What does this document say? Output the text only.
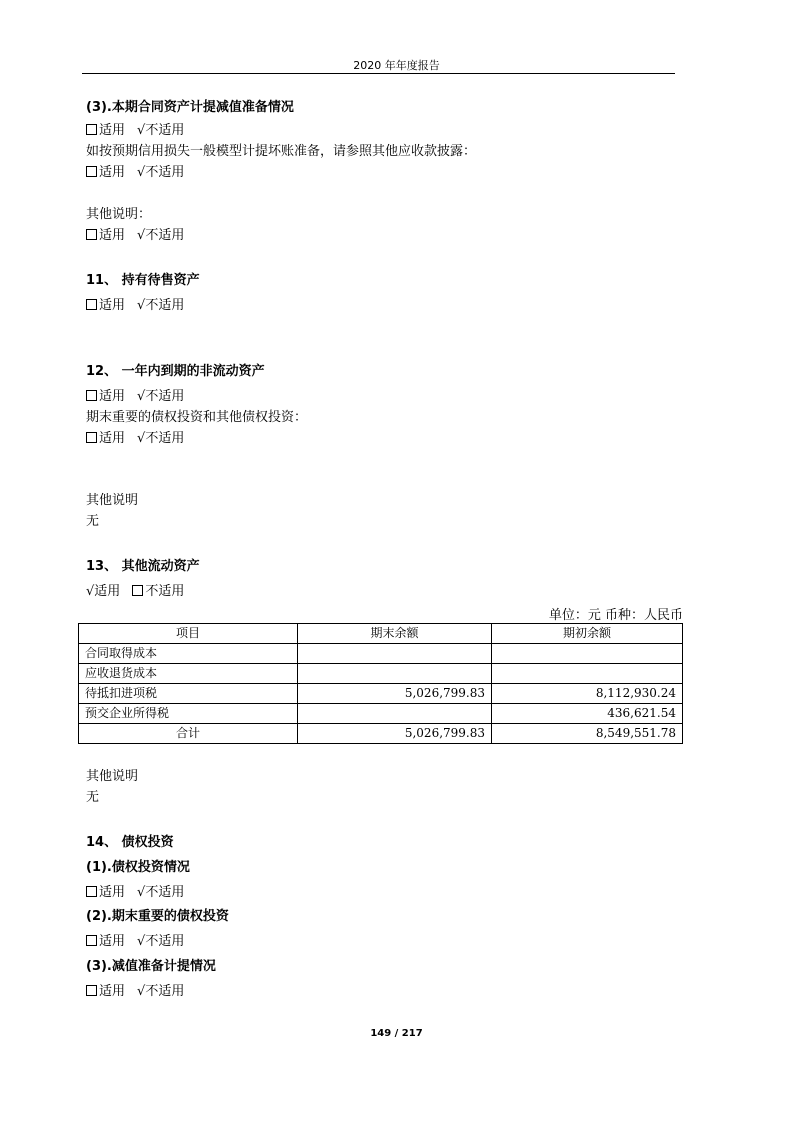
2020 年年度报告
(3).本期合同资产计提减值准备情况
适用 √不适用
如按预期信用损失一般模型计提坏账准备，请参照其他应收款披露：
适用 √不适用
其他说明：
适用 √不适用
11、 持有待售资产
适用 √不适用
12、 一年内到期的非流动资产
适用 √不适用
期末重要的债权投资和其他债权投资：
适用 √不适用
其他说明
无
13、 其他流动资产
√适用 不适用
单位：元 币种：人民币
项目	期末余额	期初余额
合同取得成本		
应收退货成本		
待抵扣进项税	5,026,799.83	8,112,930.24
预交企业所得税		436,621.54
合计	5,026,799.83	8,549,551.78
其他说明
无
14、 债权投资
(1).债权投资情况
适用 √不适用
(2).期末重要的债权投资
适用 √不适用
(3).减值准备计提情况
适用 √不适用
149 / 217
